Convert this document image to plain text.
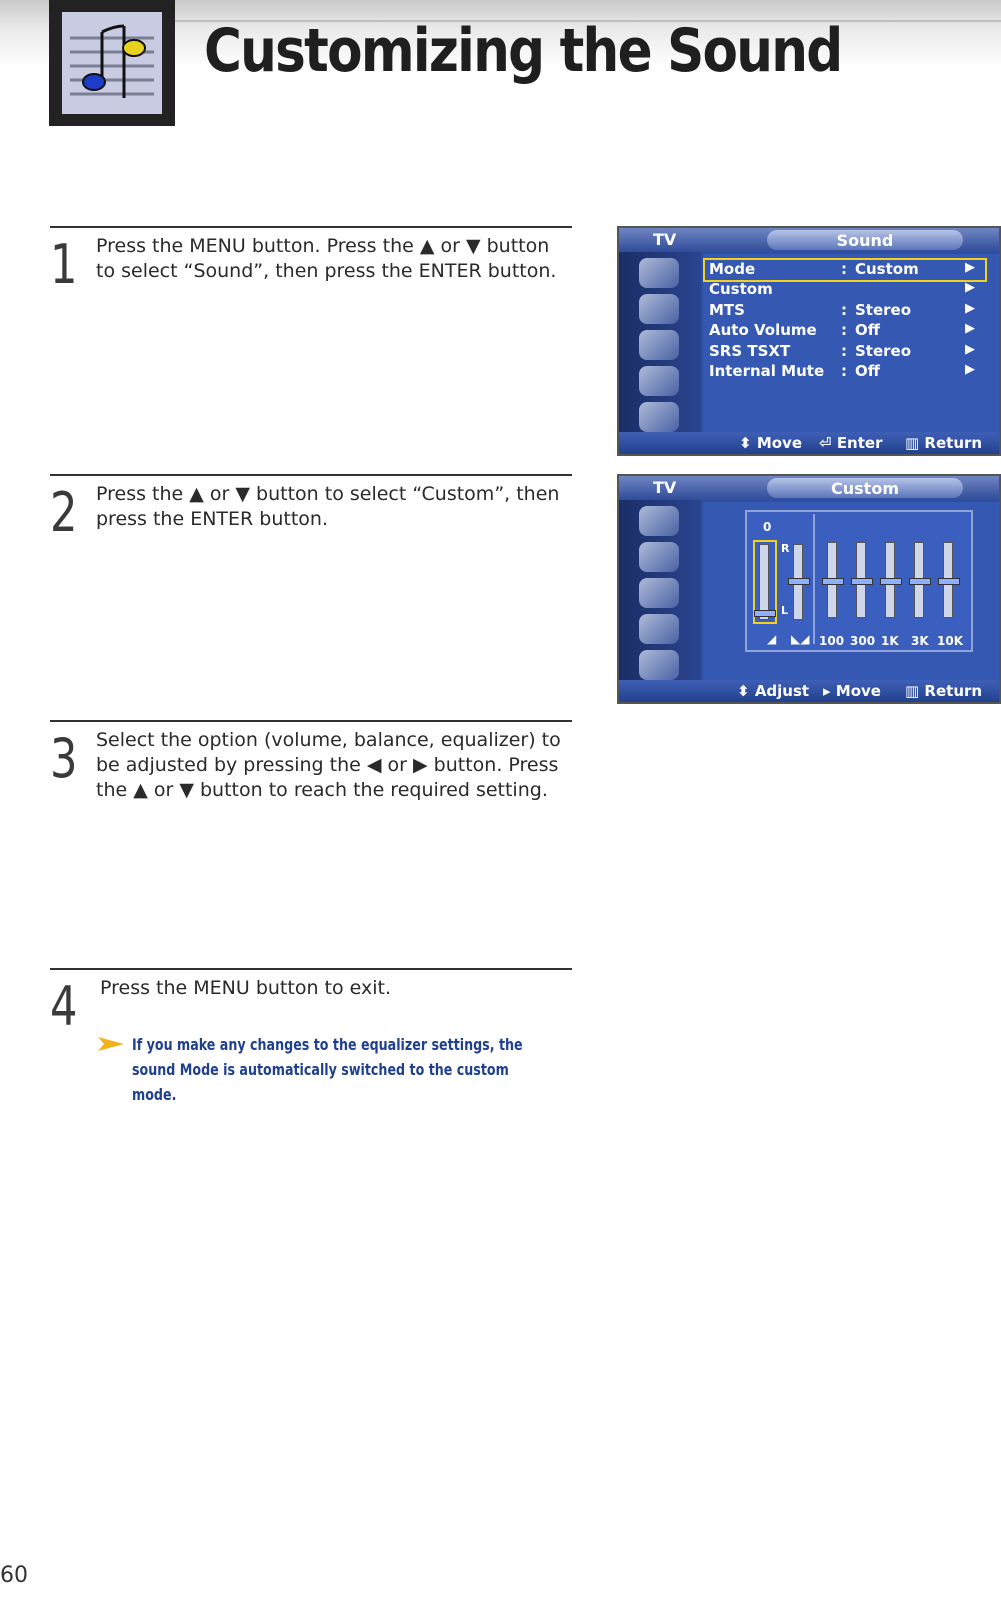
Customizing the Sound
1 Press the MENU button. Press the ▲ or ▼ button to select “Sound”, then press the ENTER button.
2 Press the ▲ or ▼ button to select “Custom”, then press the ENTER button.
3 Select the option (volume, balance, equalizer) to be adjusted by pressing the ◀ or ▶ button. Press the ▲ or ▼ button to reach the required setting.
4 Press the MENU button to exit.
If you make any changes to the equalizer settings, the sound Mode is automatically switched to the custom mode.
TV	Sound
Mode	: Custom	▶
Custom	▶
MTS	: Stereo	▶
Auto Volume : Off	▶
SRS TSXT	: Stereo	▶
Internal Mute : Off	▶
⬍ Move ⏎ Enter ▥ Return
TV	Custom
0
R
L
◢ ◣◢ 100 300 1K 3K 10K
⬍ Adjust ▸ Move ▥ Return
60
